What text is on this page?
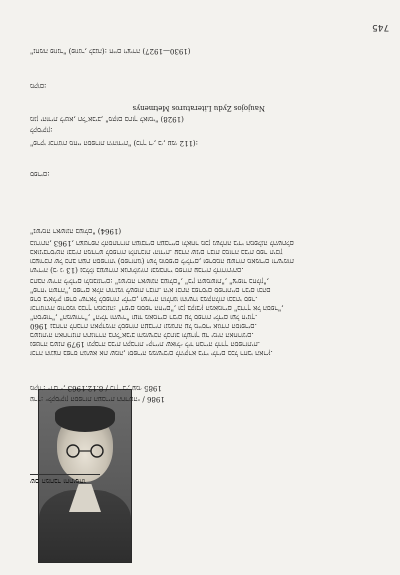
"נחמה פוזנר" (פוזנר, לבנה): חיים ויצירה (1927—1930)
מקום:
Naujojos Zydu Literaturos Metmenys
מגן יהודית ליטא, תל־אביב, "מקום בתוך לאומי" (1928)
לקסיקון:
"פרקי זכרונות מחיי הספרות היהודית" (כרך ד׳, ב׳, עמ׳ 112):
ספרים:
"נשימה ראשונה בעולם" (1964)
בגרותה, 1963, הצטרפה להסתדרות העובדים העבריים ולאחר מכן נשלחה בידי המפלגה להשתלם
באוניברסיטה ובבית המדרש לספרות ולתרבות יהודית. עבדה שנים רבות כמורה בבית ספר תיכון
וכעורכת של כתב העת הספרותי (ספרותנו) ושל מוספים לילדים, ופרסמה עשרות מאמרים ורשימות
ושיריה (ב׳ ג׳ 13) נכללו בעשרות אנתולוגיות ובמבחרי ספרות עברית לדורותיהם.
כתבה שירה לילדים ולמבוגרים: "נשימה ראשונה בעולם", "בין השמשות", "ציפור בחלון",
"פרחי השדה", ספרים אלה תורגמו לשפות רבות. היא זכתה בפרסים ספרותיים רבים ובהם
פרס ביאליק ופרס ישראל לספרות ילדים, ושיריה הולחנו והושרו במקהלות ובבתי ספר.
זכרונותיה פורסמו בכרך המכונה: "דפים מספר החיים", וכן בקובץ המאמרים "בדרך אל הספר",
"הסיפור", "המשורר", "הילד והשיר" ועוד מאמרים רבים על ספרות ילדים ועל חינוך.
1960 נבחרה לחברת האקדמיה לספרות העברית ונמנתה על מייסדי אגודת הסופרים.
בשנותיה האחרונות התגוררה בתל־אביב והמשיכה לכתוב ולערוך עד ימיה האחרונים.
נפטרה בשנת 1979 ונקברה בבית הקברות ״קריית שאול״ ליד חבריה לדרך הספרותית.
זכרה הונצח בפרס הנושא את שמה, וספריה ממשיכים להיקרא בידי ילדים בכל רחבי הארץ.
מקור: ״דבר״, 8.12.1963 / כרך ב׳, עמ׳ 1985
ערך: ״לקסיקון הספרות העברית החדשה״ / 1986
שם המחבר וחתימתו
745
